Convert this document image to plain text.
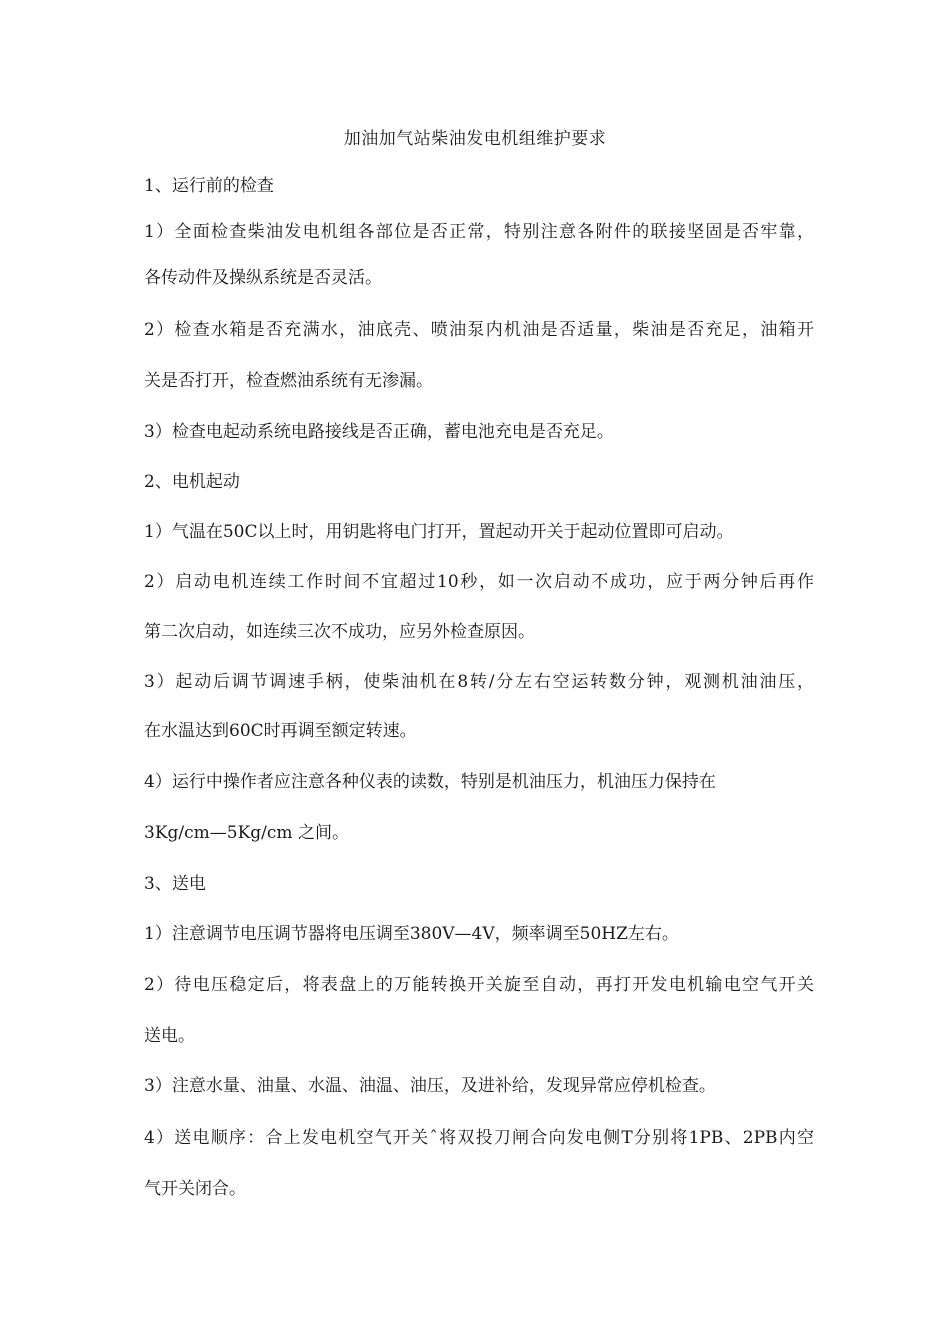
加油加气站柴油发电机组维护要求

1、运行前的检查

1）全面检查柴油发电机组各部位是否正常，特别注意各附件的联接坚固是否牢靠，

各传动件及操纵系统是否灵活。

2）检查水箱是否充满水，油底壳、喷油泵内机油是否适量，柴油是否充足，油箱开

关是否打开，检查燃油系统有无渗漏。

3）检查电起动系统电路接线是否正确，蓄电池充电是否充足。

2、电机起动

1）气温在50C以上时，用钥匙将电门打开，置起动开关于起动位置即可启动。

2）启动电机连续工作时间不宜超过10秒，如一次启动不成功，应于两分钟后再作

第二次启动，如连续三次不成功，应另外检查原因。

3）起动后调节调速手柄，使柴油机在8转/分左右空运转数分钟，观测机油油压，

在水温达到60C时再调至额定转速。

4）运行中操作者应注意各种仪表的读数，特别是机油压力，机油压力保持在

3Kg/cm—5Kg/cm 之间。

3、送电

1）注意调节电压调节器将电压调至380V—4V，频率调至50HZ左右。

2）待电压稳定后，将表盘上的万能转换开关旋至自动，再打开发电机输电空气开关

送电。

3）注意水量、油量、水温、油温、油压，及进补给，发现异常应停机检查。

4）送电顺序：合上发电机空气开关ˆ将双投刀闸合向发电侧T分别将1PB、2PB内空

气开关闭合。
